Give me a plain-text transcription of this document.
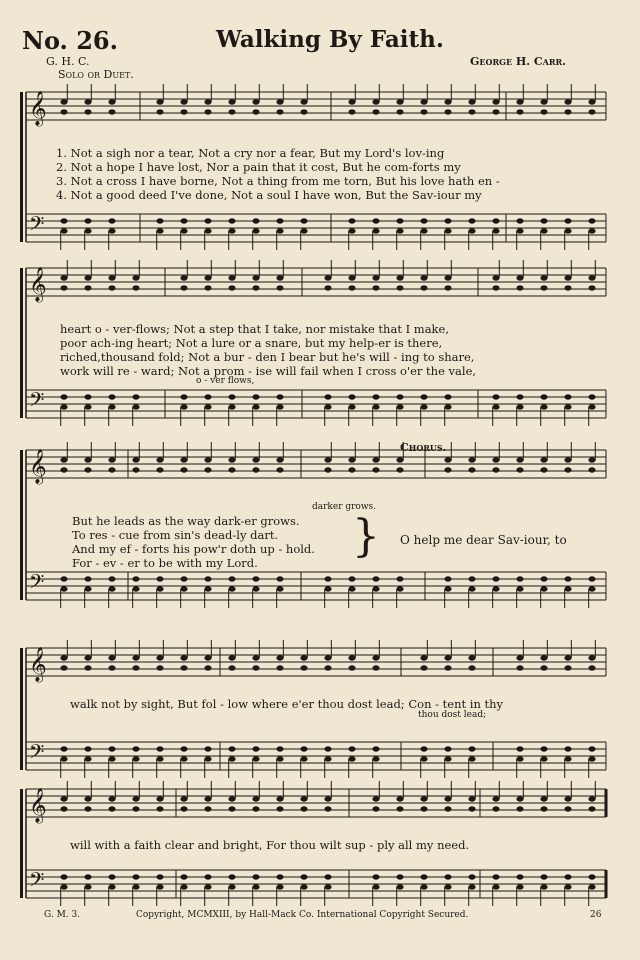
𝄞
𝄢
𝄞
𝄢
𝄞
𝄢
𝄞
𝄢
𝄞
𝄢
No. 26.	Walking By Faith.
G. H. C.	George H. Carr.
Solo or Duet.
1. Not a sigh nor a tear, Not a cry nor a fear, But my Lord's lov-ing
2. Not a hope I have lost, Nor a pain that it cost, But he com-forts my
3. Not a cross I have borne, Not a thing from me torn, But his love hath en -
4. Not a good deed I've done, Not a soul I have won, But the Sav-iour my
heart o - ver-flows; Not a step that I take, nor mistake that I make,
poor ach-ing heart; Not a lure or a snare, but my help-er is there,
riched,thousand fold; Not a bur - den I bear but he's will - ing to share,
work will re - ward; Not a prom - ise will fail when I cross o'er the vale,
o - ver flows,
Chorus.
darker grows.
But he leads as the way dark-er grows.
To res - cue from sin's dead-ly dart.
And my ef - forts his pow'r doth up - hold.
For - ev - er to be with my Lord.
} O help me dear Sav-iour, to
walk not by sight, But fol - low where e'er thou dost lead; Con - tent in thy
thou dost lead;
will with a faith clear and bright, For thou wilt sup - ply all my need.
G. M. 3.	Copyright, MCMXIII, by Hall-Mack Co. International Copyright Secured.	26
